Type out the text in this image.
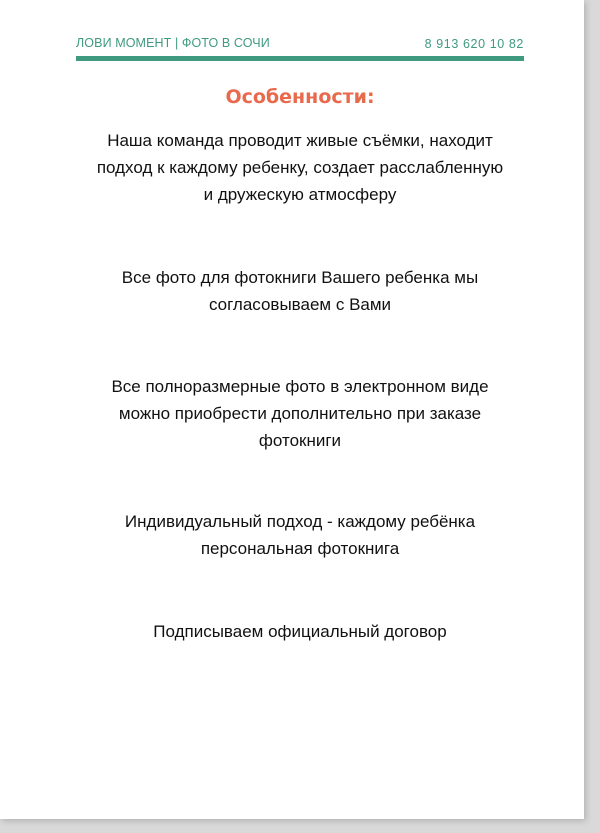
ЛОВИ МОМЕНТ | ФОТО В СОЧИ	8 913 620 10 82
Особенности:
Наша команда проводит живые съёмки, находит
подход к каждому ребенку, создает расслабленную
и дружескую атмосферу
Все фото для фотокниги Вашего ребенка мы
согласовываем с Вами
Все полноразмерные фото в электронном виде
можно приобрести дополнительно при заказе
фотокниги
Индивидуальный подход - каждому ребёнка
персональная фотокнига
Подписываем официальный договор
